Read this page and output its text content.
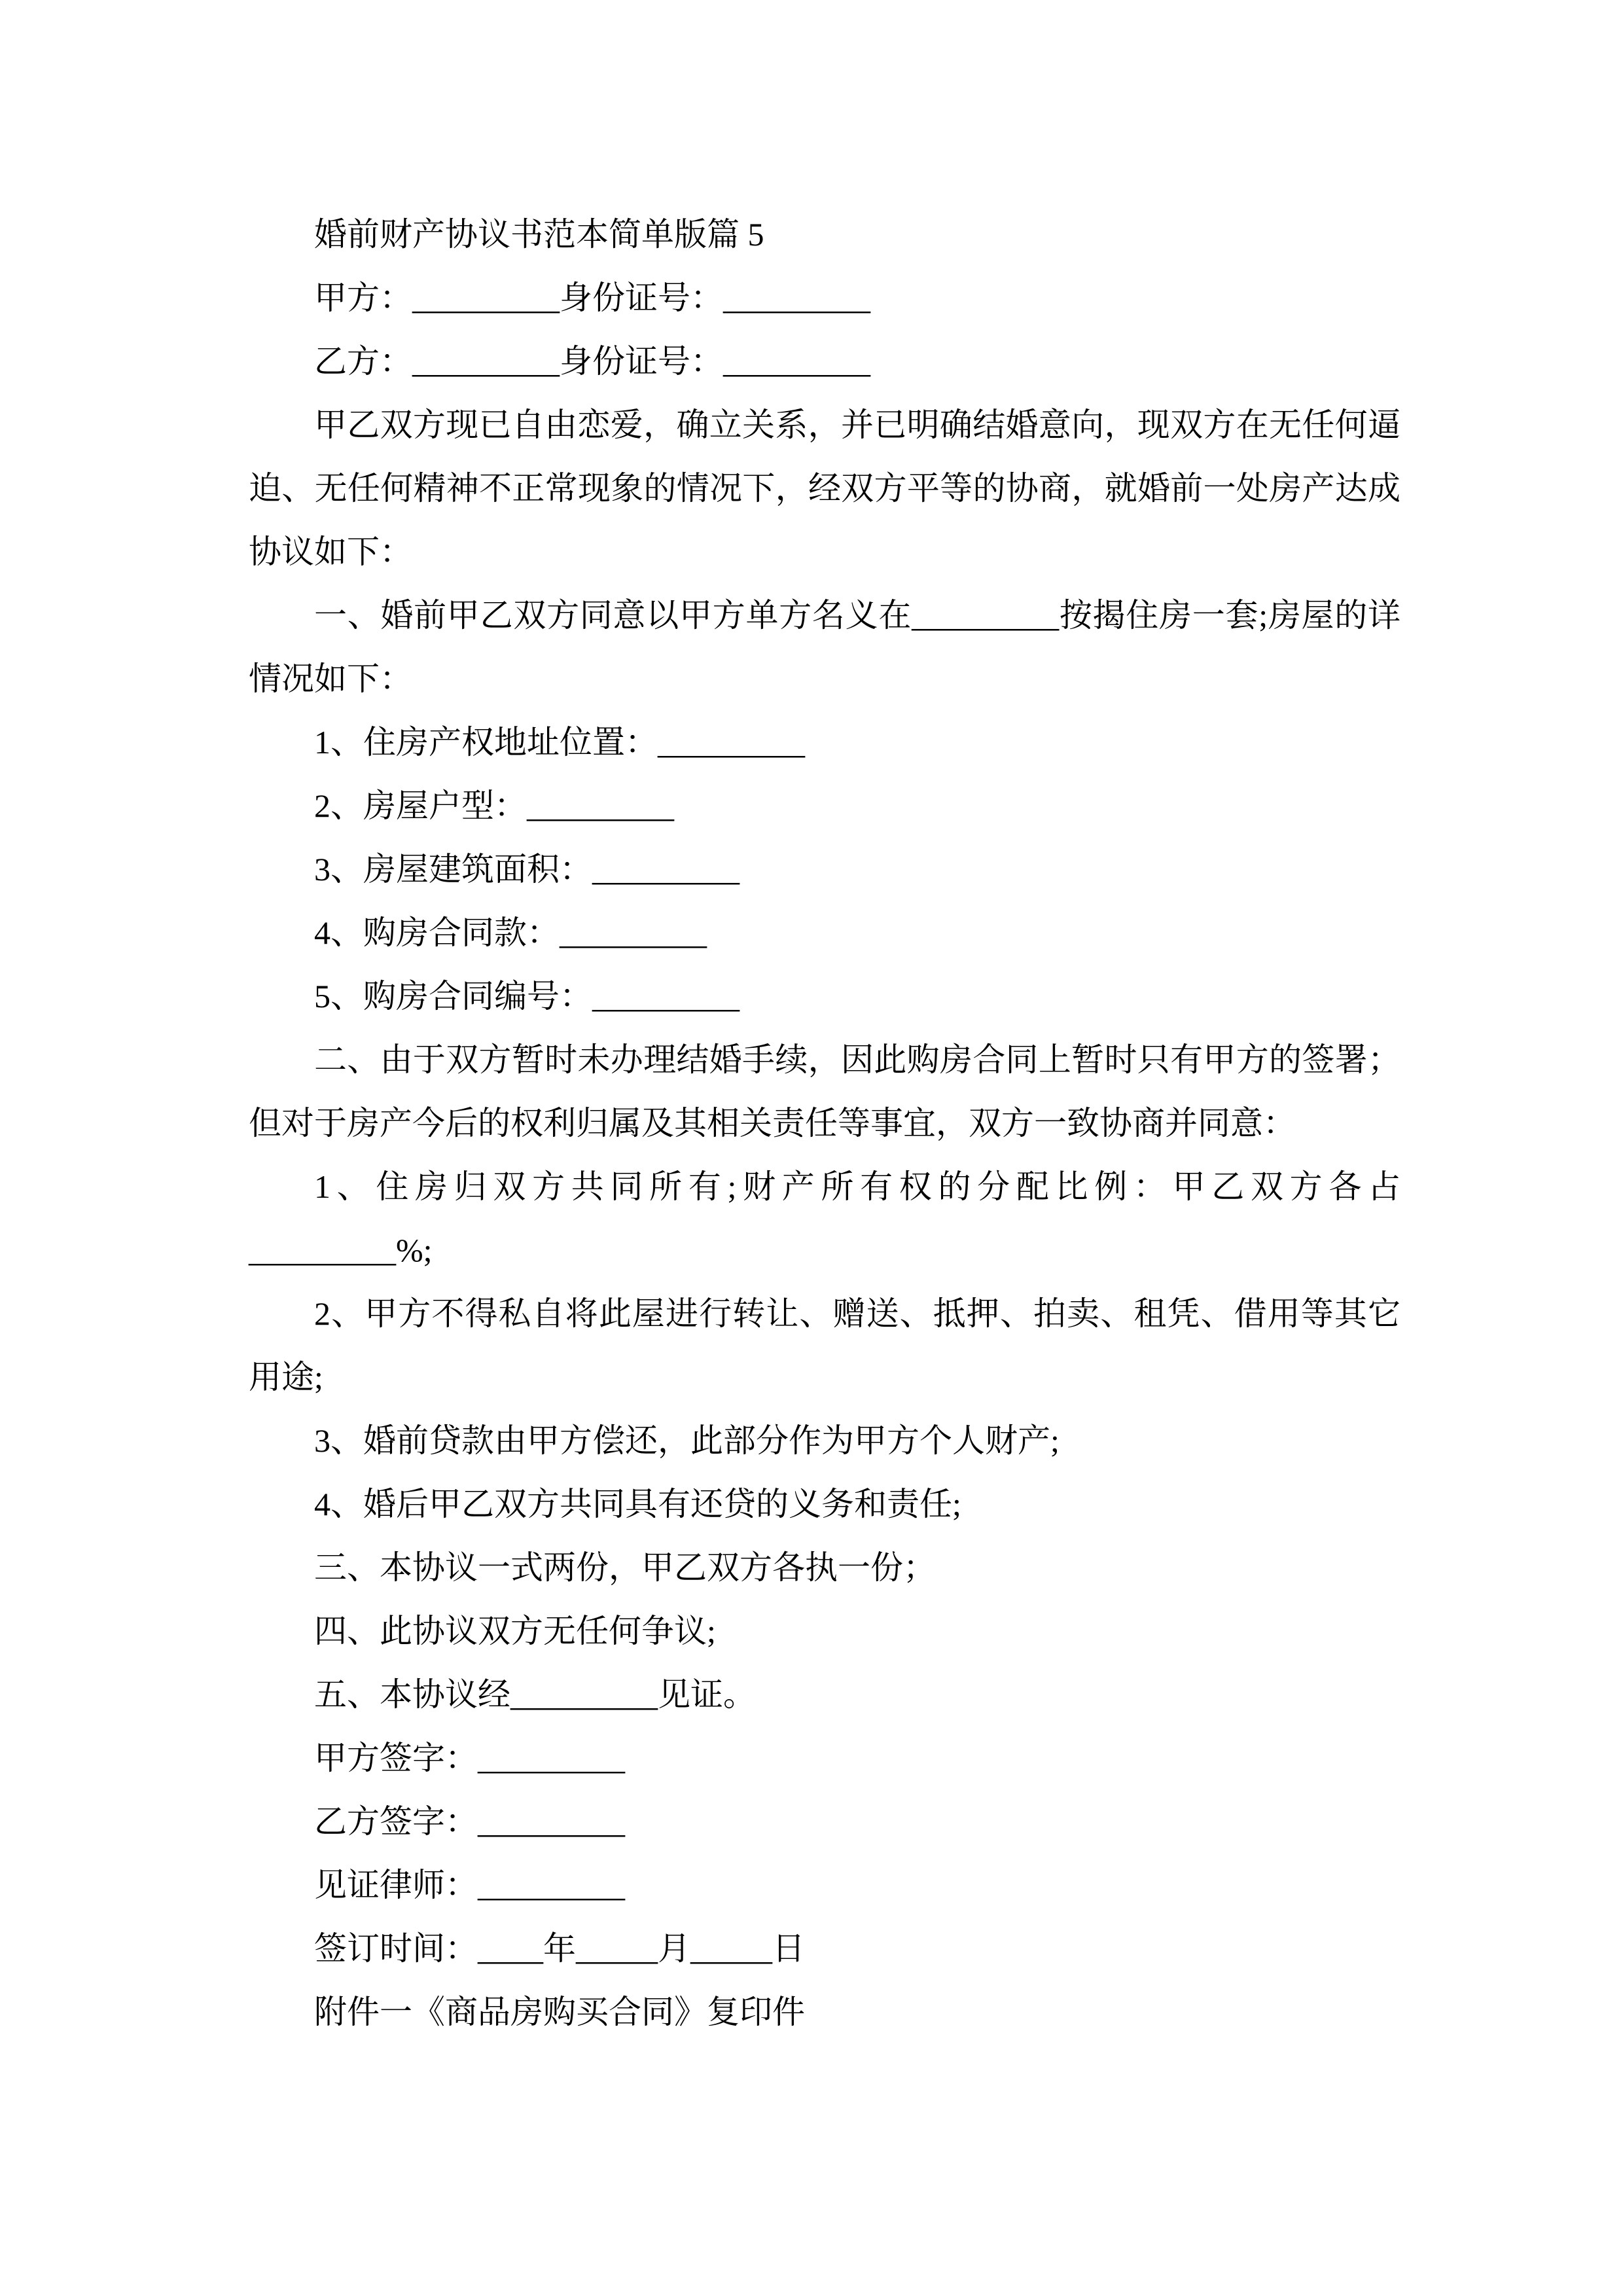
婚前财产协议书范本简单版篇 5
甲方：_________身份证号：_________
乙方：_________身份证号：_________
甲乙双方现已自由恋爱，确立关系，并已明确结婚意向，现双方在无任何逼
迫、无任何精神不正常现象的情况下，经双方平等的协商，就婚前一处房产达成
协议如下：
一、婚前甲乙双方同意以甲方单方名义在_________按揭住房一套;房屋的详
情况如下：
1、住房产权地址位置：_________
2、房屋户型：_________
3、房屋建筑面积：_________
4、购房合同款：_________
5、购房合同编号：_________
二、由于双方暂时未办理结婚手续，因此购房合同上暂时只有甲方的签署；
但对于房产今后的权利归属及其相关责任等事宜，双方一致协商并同意：
1、住房归双方共同所有;财产所有权的分配比例：甲乙双方各占
_________%;
2、甲方不得私自将此屋进行转让、赠送、抵押、拍卖、租凭、借用等其它
用途;
3、婚前贷款由甲方偿还，此部分作为甲方个人财产;
4、婚后甲乙双方共同具有还贷的义务和责任;
三、本协议一式两份，甲乙双方各执一份；
四、此协议双方无任何争议;
五、本协议经_________见证。
甲方签字：_________
乙方签字：_________
见证律师：_________
签订时间：____年_____月_____日
附件一《商品房购买合同》复印件
